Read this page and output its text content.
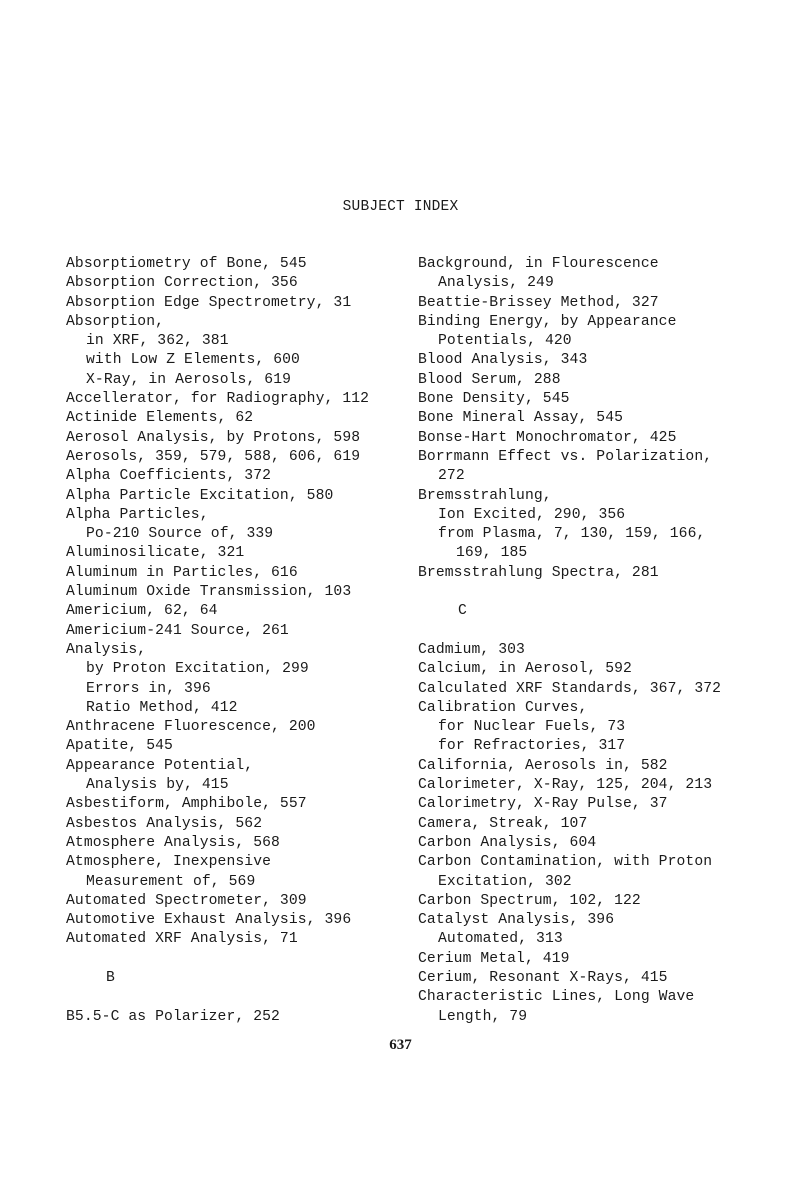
SUBJECT INDEX
Absorptiometry of Bone, 545
Absorption Correction, 356
Absorption Edge Spectrometry, 31
Absorption,
in XRF, 362, 381
with Low Z Elements, 600
X-Ray, in Aerosols, 619
Accellerator, for Radiography, 112
Actinide Elements, 62
Aerosol Analysis, by Protons, 598
Aerosols, 359, 579, 588, 606, 619
Alpha Coefficients, 372
Alpha Particle Excitation, 580
Alpha Particles,
Po-210 Source of, 339
Aluminosilicate, 321
Aluminum in Particles, 616
Aluminum Oxide Transmission, 103
Americium, 62, 64
Americium-241 Source, 261
Analysis,
by Proton Excitation, 299
Errors in, 396
Ratio Method, 412
Anthracene Fluorescence, 200
Apatite, 545
Appearance Potential,
Analysis by, 415
Asbestiform, Amphibole, 557
Asbestos Analysis, 562
Atmosphere Analysis, 568
Atmosphere, Inexpensive
Measurement of, 569
Automated Spectrometer, 309
Automotive Exhaust Analysis, 396
Automated XRF Analysis, 71
B
B5.5-C as Polarizer, 252
Background, in Flourescence
Analysis, 249
Beattie-Brissey Method, 327
Binding Energy, by Appearance
Potentials, 420
Blood Analysis, 343
Blood Serum, 288
Bone Density, 545
Bone Mineral Assay, 545
Bonse-Hart Monochromator, 425
Borrmann Effect vs. Polarization,
272
Bremsstrahlung,
Ion Excited, 290, 356
from Plasma, 7, 130, 159, 166,
169, 185
Bremsstrahlung Spectra, 281
C
Cadmium, 303
Calcium, in Aerosol, 592
Calculated XRF Standards, 367, 372
Calibration Curves,
for Nuclear Fuels, 73
for Refractories, 317
California, Aerosols in, 582
Calorimeter, X-Ray, 125, 204, 213
Calorimetry, X-Ray Pulse, 37
Camera, Streak, 107
Carbon Analysis, 604
Carbon Contamination, with Proton
Excitation, 302
Carbon Spectrum, 102, 122
Catalyst Analysis, 396
Automated, 313
Cerium Metal, 419
Cerium, Resonant X-Rays, 415
Characteristic Lines, Long Wave
Length, 79
637
